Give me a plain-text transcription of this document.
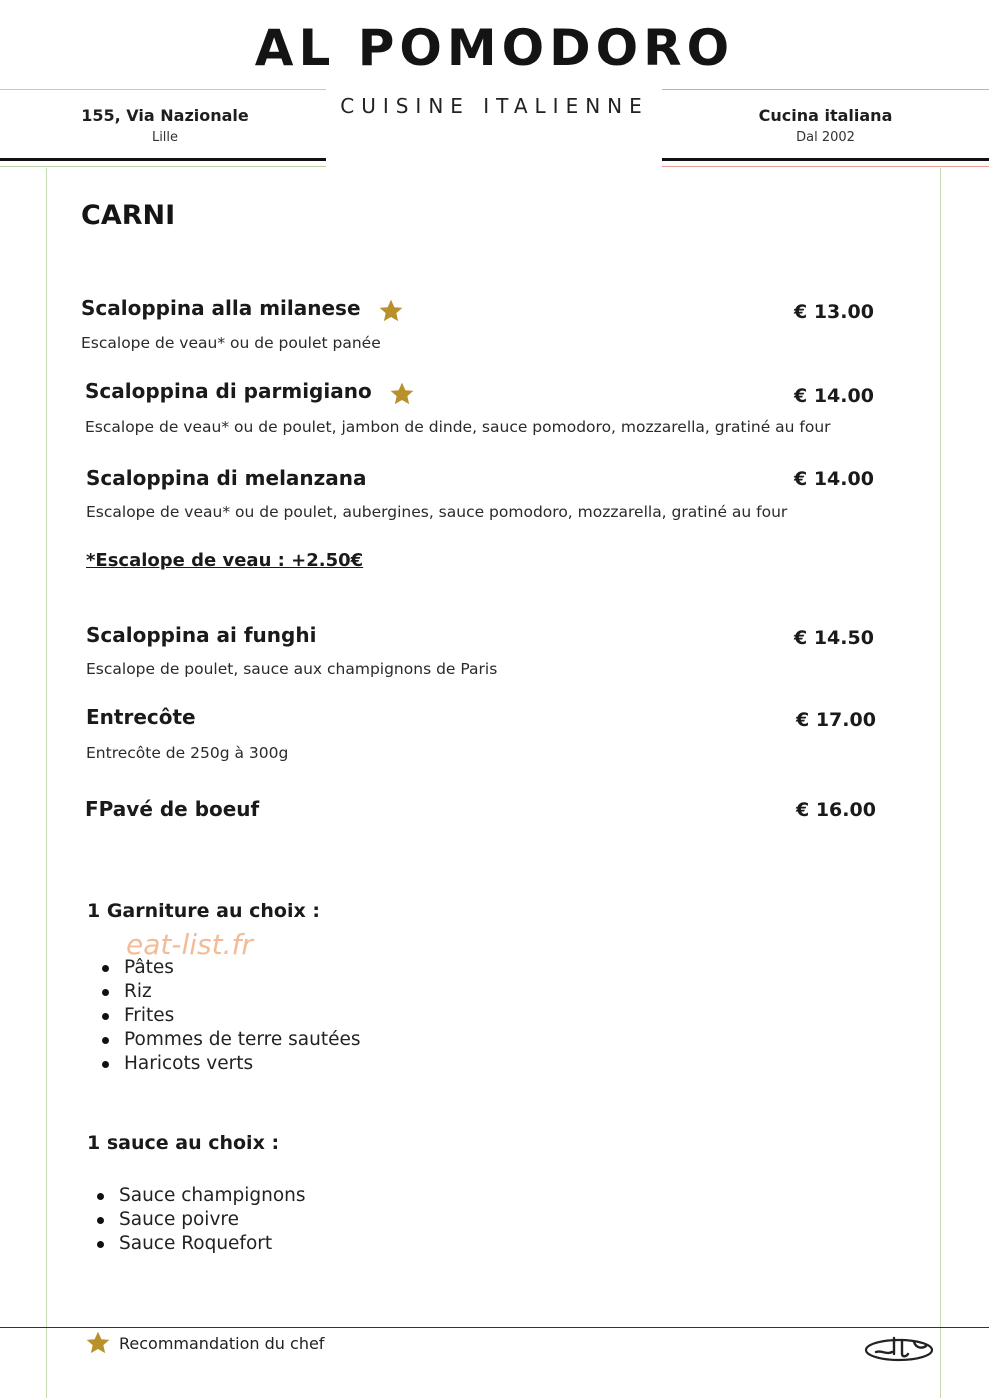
AL POMODORO
CUISINE ITALIENNE
155, Via Nazionale
Lille
Cucina italiana
Dal 2002
CARNI
Scaloppina alla milanese	€ 13.00
Escalope de veau* ou de poulet panée
Scaloppina di parmigiano	€ 14.00
Escalope de veau* ou de poulet, jambon de dinde, sauce pomodoro, mozzarella, gratiné au four
Scaloppina di melanzana	€ 14.00
Escalope de veau* ou de poulet, aubergines, sauce pomodoro, mozzarella, gratiné au four
*Escalope de veau : +2.50€
Scaloppina ai funghi	€ 14.50
Escalope de poulet, sauce aux champignons de Paris
Entrecôte	€ 17.00
Entrecôte de 250g à 300g
FPavé de boeuf	€ 16.00
1 Garniture au choix :
eat-list.fr
Pâtes
Riz
Frites
Pommes de terre sautées
Haricots verts
1 sauce au choix :
Sauce champignons
Sauce poivre
Sauce Roquefort
Recommandation du chef
